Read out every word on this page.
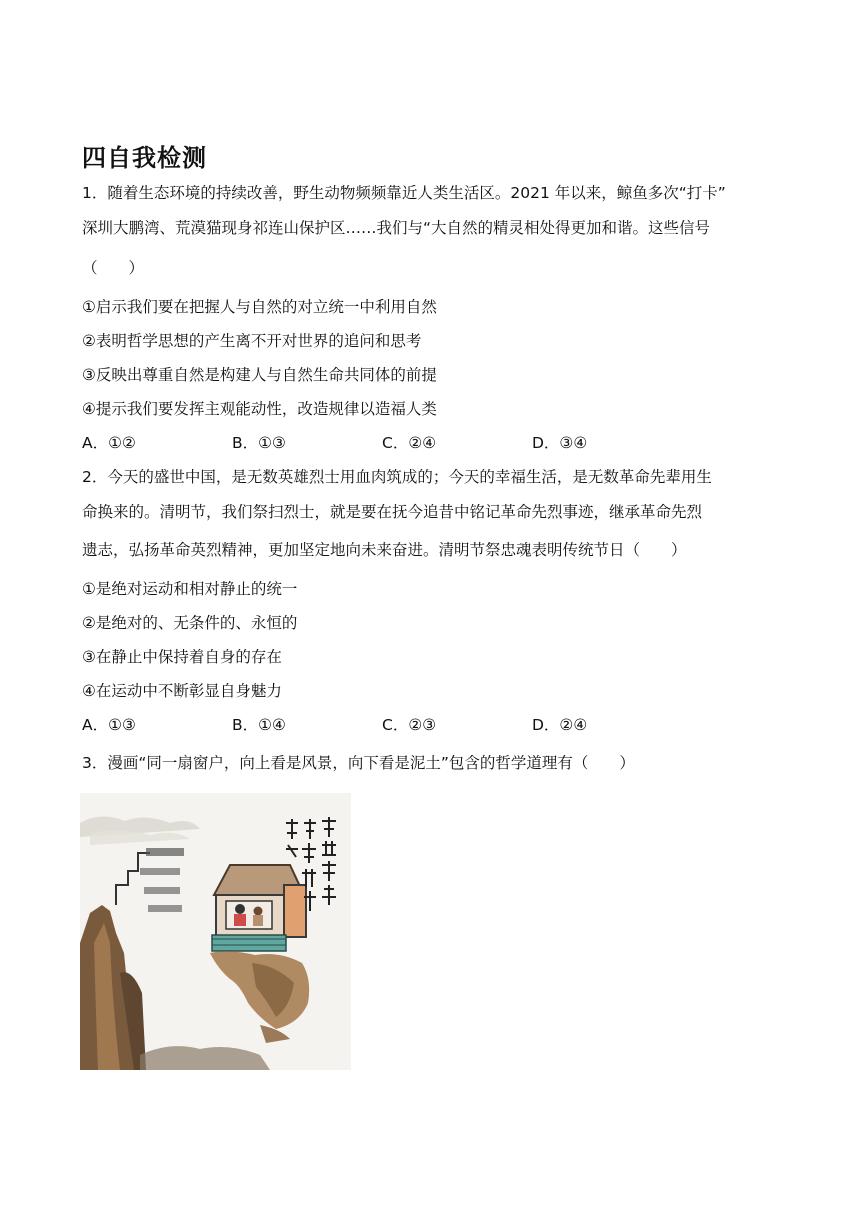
四自我检测
1．随着生态环境的持续改善，野生动物频频靠近人类生活区。2021 年以来，鲸鱼多次“打卡”
深圳大鹏湾、荒漠猫现身祁连山保护区……我们与“大自然的精灵相处得更加和谐。这些信号
（　　）
①启示我们要在把握人与自然的对立统一中利用自然
②表明哲学思想的产生离不开对世界的追问和思考
③反映出尊重自然是构建人与自然生命共同体的前提
④提示我们要发挥主观能动性，改造规律以造福人类
A．①②	B．①③	C．②④	D．③④
2．今天的盛世中国，是无数英雄烈士用血肉筑成的；今天的幸福生活，是无数革命先辈用生
命换来的。清明节，我们祭扫烈士，就是要在抚今追昔中铭记革命先烈事迹，继承革命先烈
遗志，弘扬革命英烈精神，更加坚定地向未来奋进。清明节祭忠魂表明传统节日（　　）
①是绝对运动和相对静止的统一
②是绝对的、无条件的、永恒的
③在静止中保持着自身的存在
④在运动中不断彰显自身魅力
A．①③	B．①④	C．②③	D．②④
3．漫画“同一扇窗户，向上看是风景，向下看是泥土”包含的哲学道理有（　　）
